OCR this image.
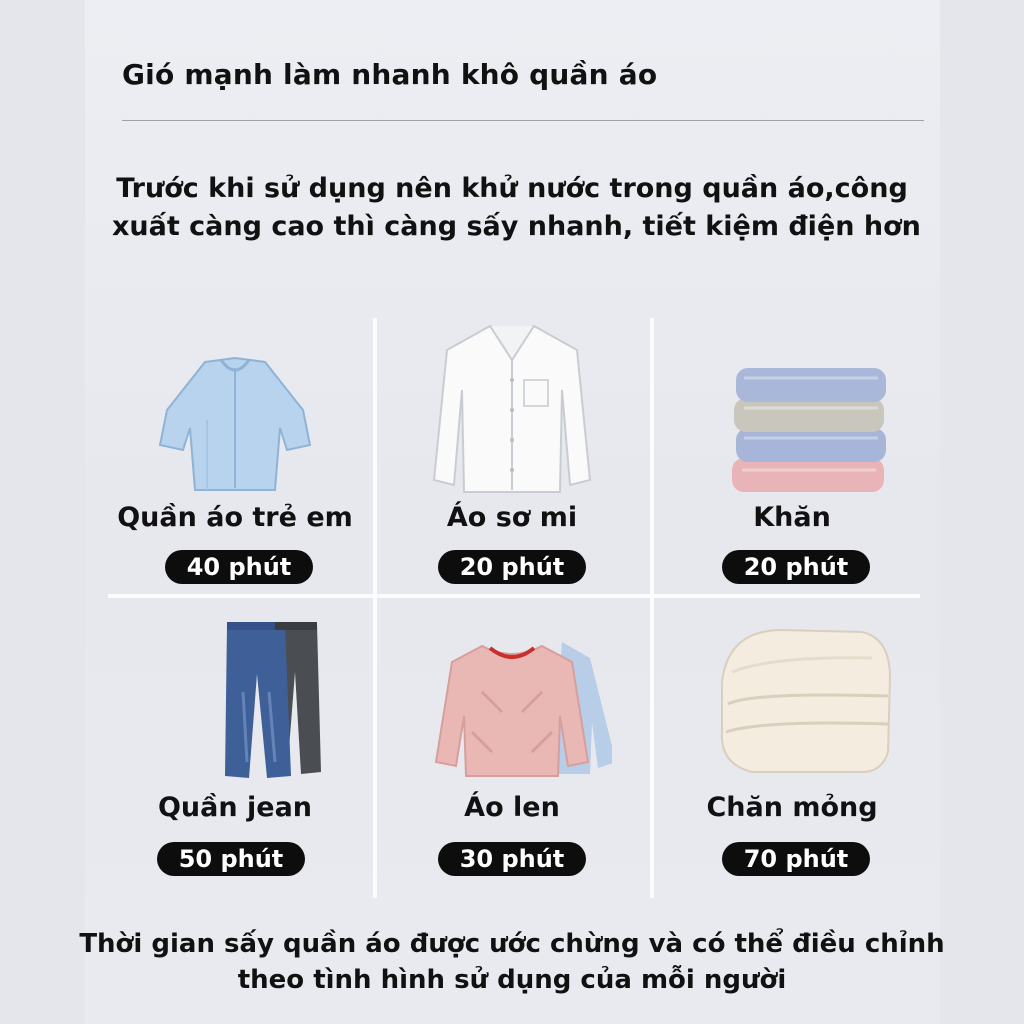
Gió mạnh làm nhanh khô quần áo
Trước khi sử dụng nên khử nước trong quần áo,công
xuất càng cao thì càng sấy nhanh, tiết kiệm điện hơn
Quần áo trẻ em
40 phút
Áo sơ mi
20 phút
Khăn
20 phút
Quần jean
50 phút
Áo len
30 phút
Chăn mỏng
70 phút
Thời gian sấy quần áo được ước chừng và có thể điều chỉnh
theo tình hình sử dụng của mỗi người
